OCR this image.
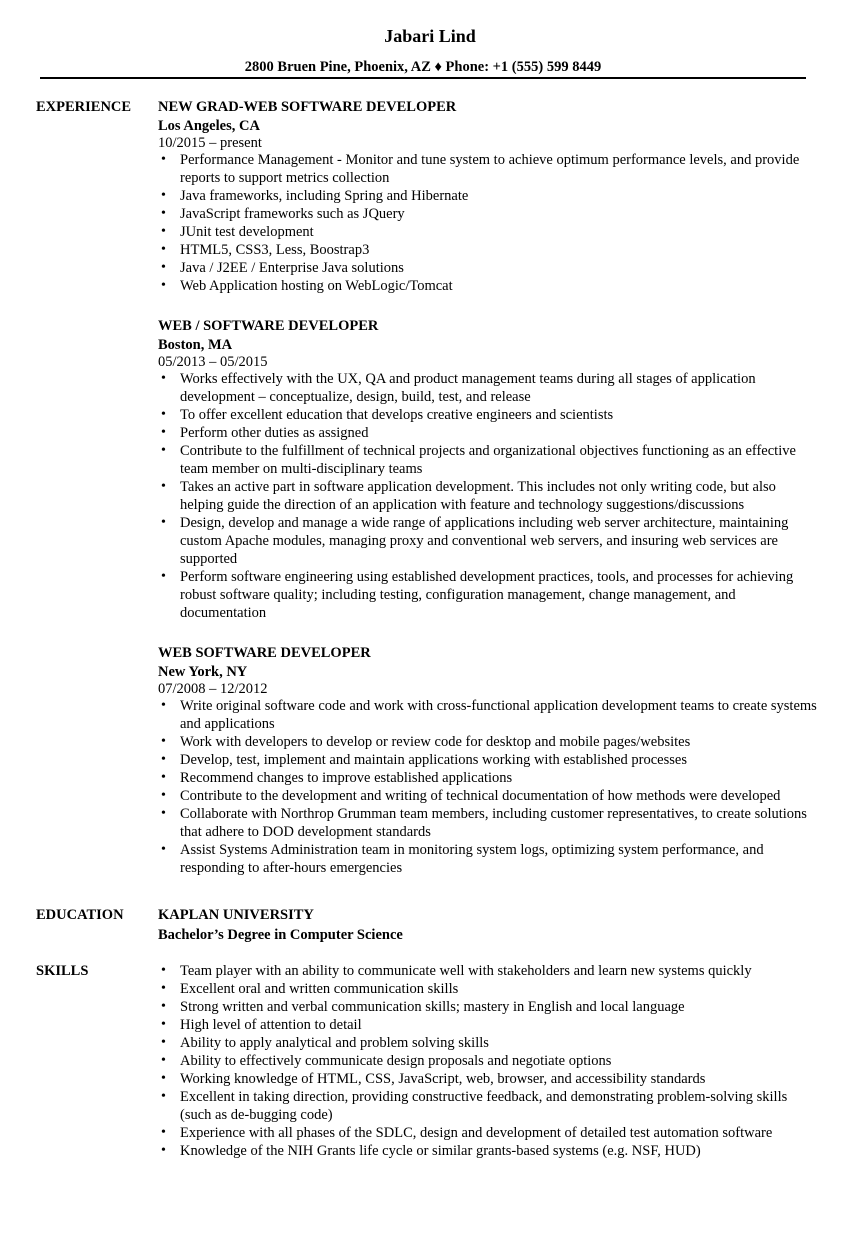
Jabari Lind
2800 Bruen Pine, Phoenix, AZ ♦ Phone: +1 (555) 599 8449
EXPERIENCE	NEW GRAD-WEB SOFTWARE DEVELOPER
Los Angeles, CA
10/2015 – present
• Performance Management - Monitor and tune system to achieve optimum performance levels, and provide reports to support metrics collection
• Java frameworks, including Spring and Hibernate
• JavaScript frameworks such as JQuery
• JUnit test development
• HTML5, CSS3, Less, Boostrap3
• Java / J2EE / Enterprise Java solutions
• Web Application hosting on WebLogic/Tomcat
WEB / SOFTWARE DEVELOPER
Boston, MA
05/2013 – 05/2015
• Works effectively with the UX, QA and product management teams during all stages of application development – conceptualize, design, build, test, and release
• To offer excellent education that develops creative engineers and scientists
• Perform other duties as assigned
• Contribute to the fulfillment of technical projects and organizational objectives functioning as an effective team member on multi-disciplinary teams
• Takes an active part in software application development. This includes not only writing code, but also helping guide the direction of an application with feature and technology suggestions/discussions
• Design, develop and manage a wide range of applications including web server architecture, maintaining custom Apache modules, managing proxy and conventional web servers, and insuring web services are supported
• Perform software engineering using established development practices, tools, and processes for achieving robust software quality; including testing, configuration management, change management, and documentation
WEB SOFTWARE DEVELOPER
New York, NY
07/2008 – 12/2012
• Write original software code and work with cross-functional application development teams to create systems and applications
• Work with developers to develop or review code for desktop and mobile pages/websites
• Develop, test, implement and maintain applications working with established processes
• Recommend changes to improve established applications
• Contribute to the development and writing of technical documentation of how methods were developed
• Collaborate with Northrop Grumman team members, including customer representatives, to create solutions that adhere to DOD development standards
• Assist Systems Administration team in monitoring system logs, optimizing system performance, and responding to after-hours emergencies
EDUCATION	KAPLAN UNIVERSITY
Bachelor’s Degree in Computer Science
SKILLS	• Team player with an ability to communicate well with stakeholders and learn new systems quickly
• Excellent oral and written communication skills
• Strong written and verbal communication skills; mastery in English and local language
• High level of attention to detail
• Ability to apply analytical and problem solving skills
• Ability to effectively communicate design proposals and negotiate options
• Working knowledge of HTML, CSS, JavaScript, web, browser, and accessibility standards
• Excellent in taking direction, providing constructive feedback, and demonstrating problem-solving skills (such as de-bugging code)
• Experience with all phases of the SDLC, design and development of detailed test automation software
• Knowledge of the NIH Grants life cycle or similar grants-based systems (e.g. NSF, HUD)
